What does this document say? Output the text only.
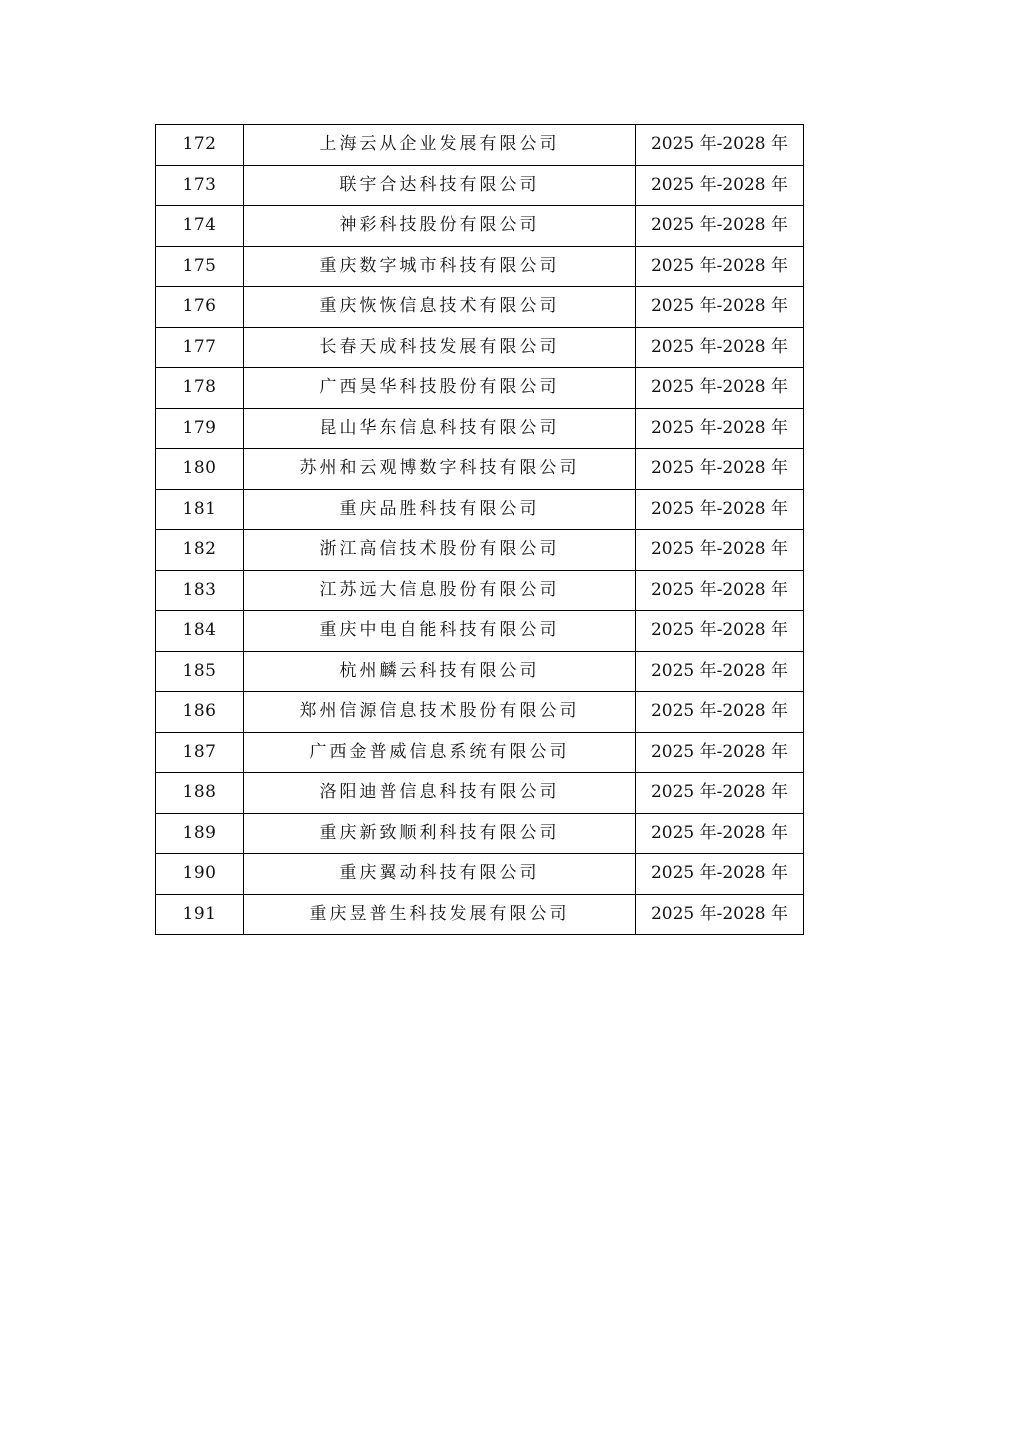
172	上海云从企业发展有限公司	2025 年-2028 年
173	联宇合达科技有限公司	2025 年-2028 年
174	神彩科技股份有限公司	2025 年-2028 年
175	重庆数字城市科技有限公司	2025 年-2028 年
176	重庆恢恢信息技术有限公司	2025 年-2028 年
177	长春天成科技发展有限公司	2025 年-2028 年
178	广西昊华科技股份有限公司	2025 年-2028 年
179	昆山华东信息科技有限公司	2025 年-2028 年
180	苏州和云观博数字科技有限公司	2025 年-2028 年
181	重庆品胜科技有限公司	2025 年-2028 年
182	浙江高信技术股份有限公司	2025 年-2028 年
183	江苏远大信息股份有限公司	2025 年-2028 年
184	重庆中电自能科技有限公司	2025 年-2028 年
185	杭州麟云科技有限公司	2025 年-2028 年
186	郑州信源信息技术股份有限公司	2025 年-2028 年
187	广西金普威信息系统有限公司	2025 年-2028 年
188	洛阳迪普信息科技有限公司	2025 年-2028 年
189	重庆新致顺利科技有限公司	2025 年-2028 年
190	重庆翼动科技有限公司	2025 年-2028 年
191	重庆昱普生科技发展有限公司	2025 年-2028 年
